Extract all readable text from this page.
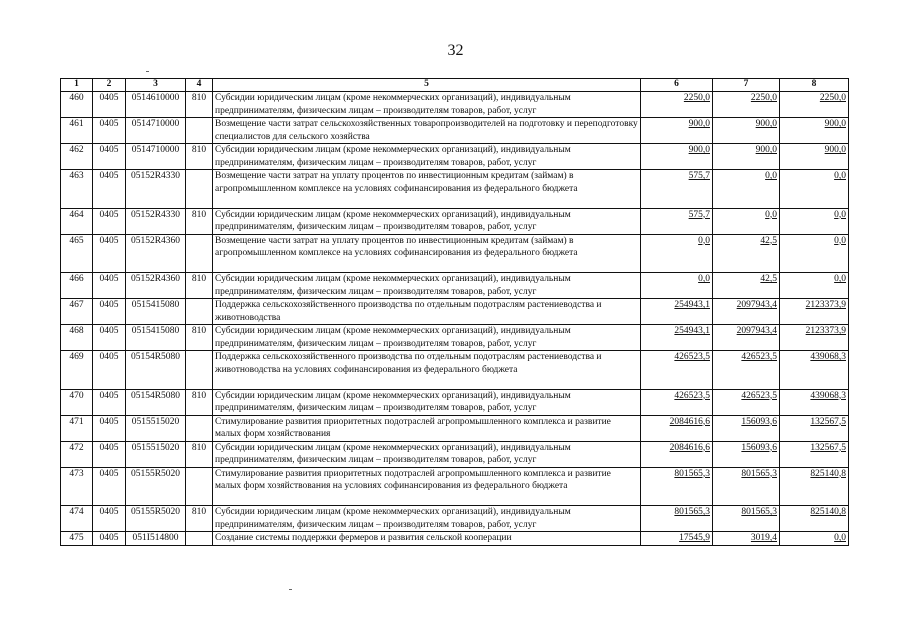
32
1	2	3	4	5	6	7	8
460	0405	0514610000	810	Субсидии юридическим лицам (кроме некоммерческих организаций), индивидуальным предпринимателям, физическим лицам – производителям товаров, работ, услуг	2250,0	2250,0	2250,0
461	0405	0514710000		Возмещение части затрат сельскохозяйственных товаропроизводителей на подготовку и переподготовку специалистов для сельского хозяйства	900,0	900,0	900,0
462	0405	0514710000	810	Субсидии юридическим лицам (кроме некоммерческих организаций), индивидуальным предпринимателям, физическим лицам – производителям товаров, работ, услуг	900,0	900,0	900,0
463	0405	05152R4330		Возмещение части затрат на уплату процентов по инвестиционным кредитам (займам) в агропромышленном комплексе на условиях софинансирования из федерального бюджета	575,7	0,0	0,0
464	0405	05152R4330	810	Субсидии юридическим лицам (кроме некоммерческих организаций), индивидуальным предпринимателям, физическим лицам – производителям товаров, работ, услуг	575,7	0,0	0,0
465	0405	05152R4360		Возмещение части затрат на уплату процентов по инвестиционным кредитам (займам) в агропромышленном комплексе на условиях софинансирования из федерального бюджета	0,0	42,5	0,0
466	0405	05152R4360	810	Субсидии юридическим лицам (кроме некоммерческих организаций), индивидуальным предпринимателям, физическим лицам – производителям товаров, работ, услуг	0,0	42,5	0,0
467	0405	0515415080		Поддержка сельскохозяйственного производства по отдельным подотраслям растениеводства и животноводства	254943,1	2097943,4	2123373,9
468	0405	0515415080	810	Субсидии юридическим лицам (кроме некоммерческих организаций), индивидуальным предпринимателям, физическим лицам – производителям товаров, работ, услуг	254943,1	2097943,4	2123373,9
469	0405	05154R5080		Поддержка сельскохозяйственного производства по отдельным подотраслям растениеводства и животноводства на условиях софинансирования из федерального бюджета	426523,5	426523,5	439068,3
470	0405	05154R5080	810	Субсидии юридическим лицам (кроме некоммерческих организаций), индивидуальным предпринимателям, физическим лицам – производителям товаров, работ, услуг	426523,5	426523,5	439068,3
471	0405	0515515020		Стимулирование развития приоритетных подотраслей агропромышленного комплекса и развитие малых форм хозяйствования	2084616,6	156093,6	132567,5
472	0405	0515515020	810	Субсидии юридическим лицам (кроме некоммерческих организаций), индивидуальным предпринимателям, физическим лицам – производителям товаров, работ, услуг	2084616,6	156093,6	132567,5
473	0405	05155R5020		Стимулирование развития приоритетных подотраслей агропромышленного комплекса и развитие малых форм хозяйствования на условиях софинансирования из федерального бюджета	801565,3	801565,3	825140,8
474	0405	05155R5020	810	Субсидии юридическим лицам (кроме некоммерческих организаций), индивидуальным предпринимателям, физическим лицам – производителям товаров, работ, услуг	801565,3	801565,3	825140,8
475	0405	051I514800		Создание системы поддержки фермеров и развития сельской кооперации	17545,9	3019,4	0,0
